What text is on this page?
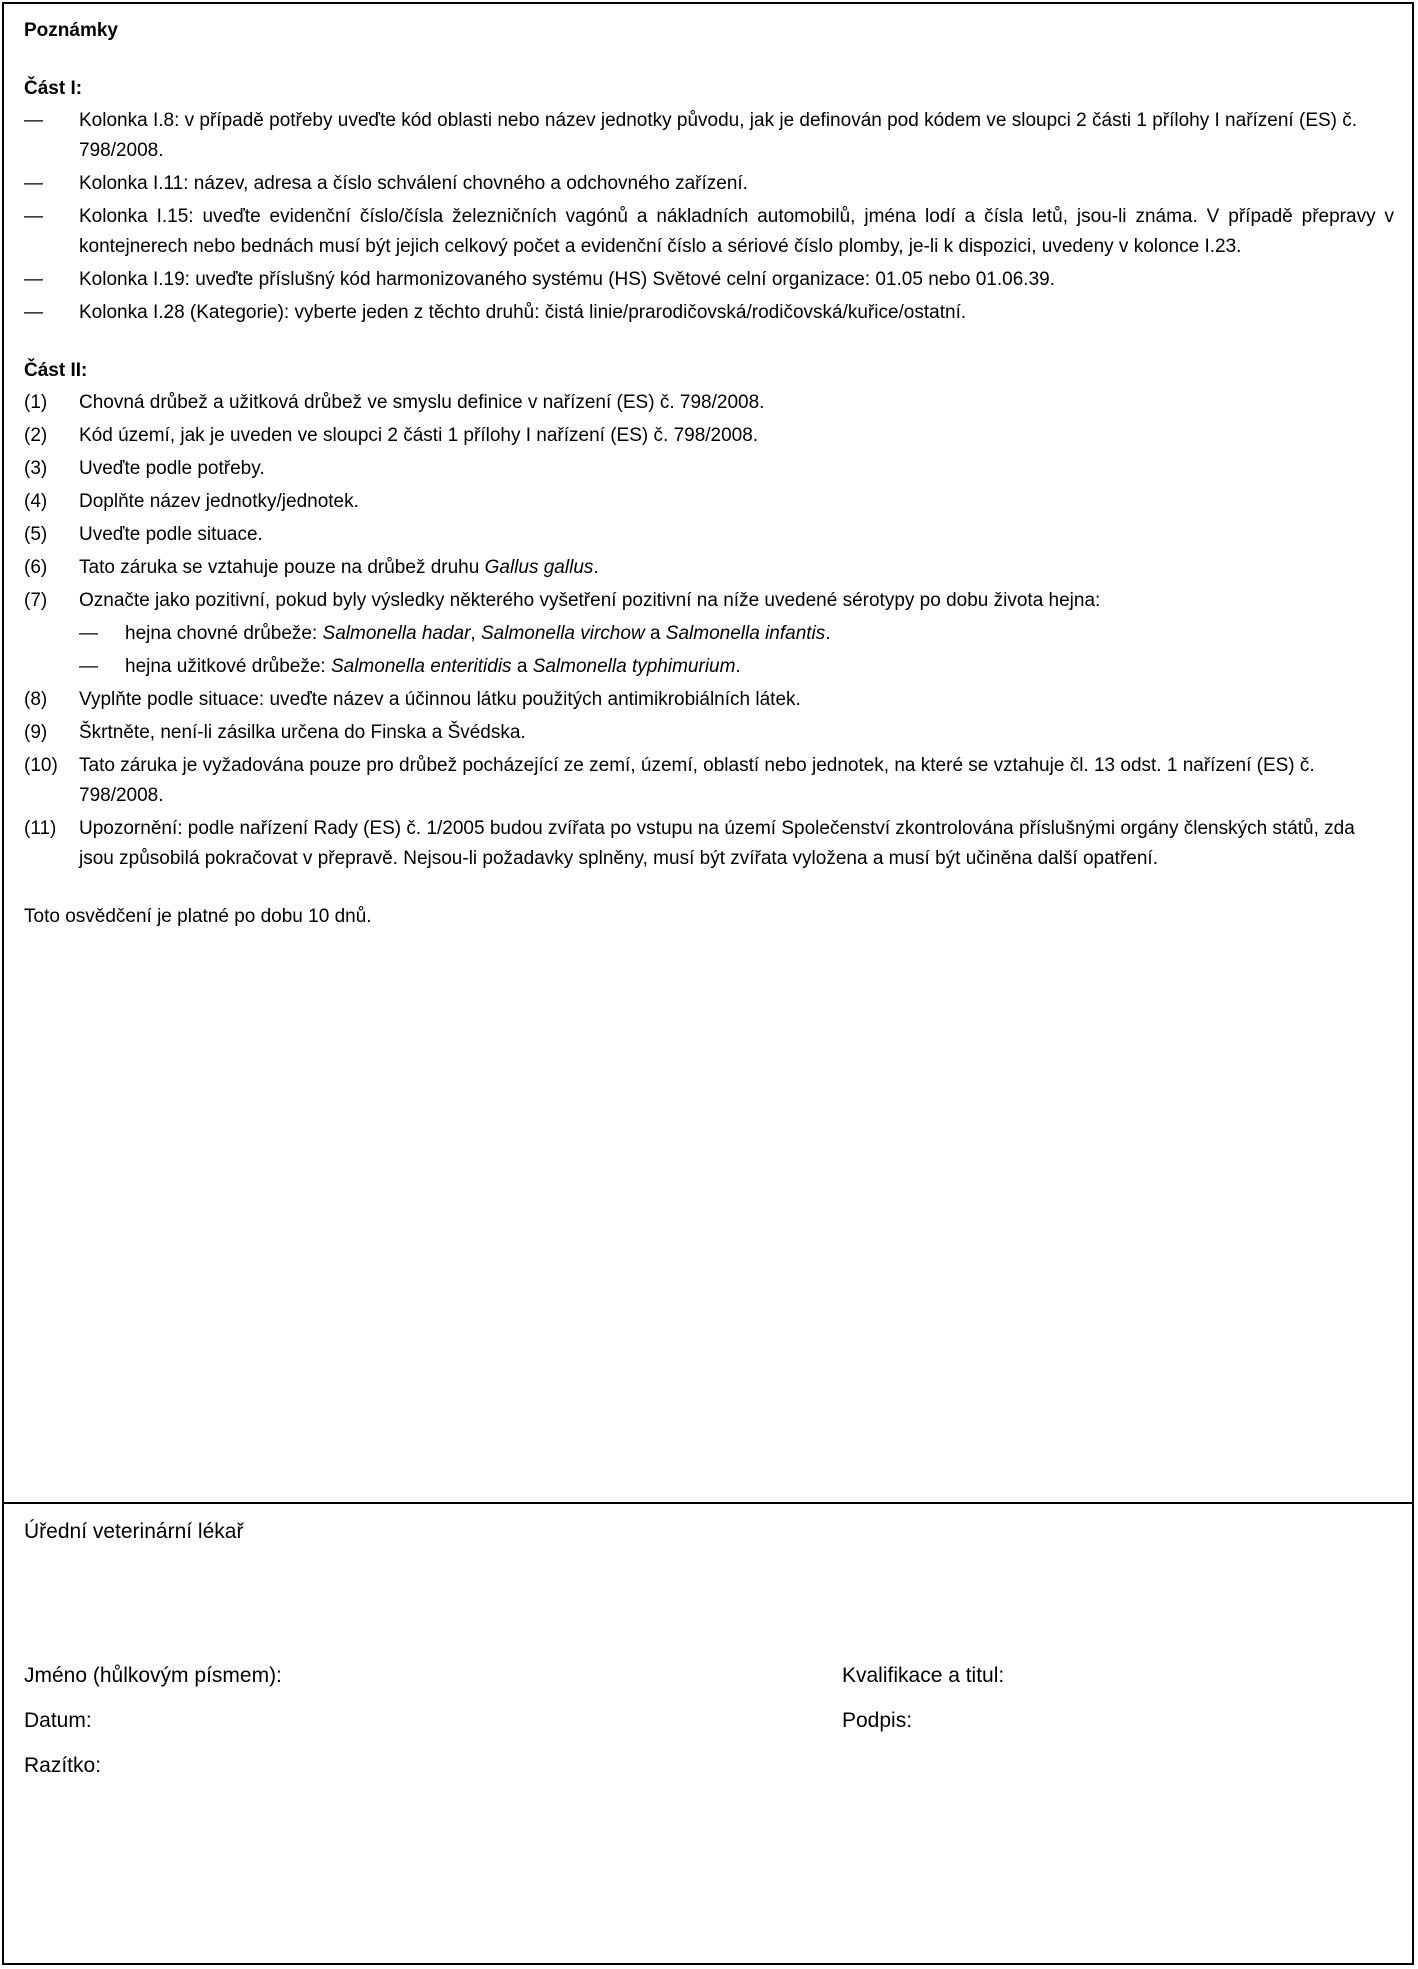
Poznámky
Část I:
—	Kolonka I.8: v případě potřeby uveďte kód oblasti nebo název jednotky původu, jak je definován pod kódem ve sloupci 2 části 1 přílohy I nařízení (ES) č. 798/2008.
—	Kolonka I.11: název, adresa a číslo schválení chovného a odchovného zařízení.
—	Kolonka I.15: uveďte evidenční číslo/čísla železničních vagónů a nákladních automobilů, jména lodí a čísla letů, jsou-li známa. V případě přepravy v kontejnerech nebo bednách musí být jejich celkový počet a evidenční číslo a sériové číslo plomby, je-li k dispozici, uvedeny v kolonce I.23.
—	Kolonka I.19: uveďte příslušný kód harmonizovaného systému (HS) Světové celní organizace: 01.05 nebo 01.06.39.
—	Kolonka I.28 (Kategorie): vyberte jeden z těchto druhů: čistá linie/prarodičovská/rodičovská/kuřice/ostatní.
Část II:
(1)	Chovná drůbež a užitková drůbež ve smyslu definice v nařízení (ES) č. 798/2008.
(2)	Kód území, jak je uveden ve sloupci 2 části 1 přílohy I nařízení (ES) č. 798/2008.
(3)	Uveďte podle potřeby.
(4)	Doplňte název jednotky/jednotek.
(5)	Uveďte podle situace.
(6)	Tato záruka se vztahuje pouze na drůbež druhu Gallus gallus.
(7)	Označte jako pozitivní, pokud byly výsledky některého vyšetření pozitivní na níže uvedené sérotypy po dobu života hejna:
—	hejna chovné drůbeže: Salmonella hadar, Salmonella virchow a Salmonella infantis.
—	hejna užitkové drůbeže: Salmonella enteritidis a Salmonella typhimurium.
(8)	Vyplňte podle situace: uveďte název a účinnou látku použitých antimikrobiálních látek.
(9)	Škrtněte, není-li zásilka určena do Finska a Švédska.
(10)	Tato záruka je vyžadována pouze pro drůbež pocházející ze zemí, území, oblastí nebo jednotek, na které se vztahuje čl. 13 odst. 1 nařízení (ES) č. 798/2008.
(11)	Upozornění: podle nařízení Rady (ES) č. 1/2005 budou zvířata po vstupu na území Společenství zkontrolována příslušnými orgány členských států, zda jsou způsobilá pokračovat v přepravě. Nejsou-li požadavky splněny, musí být zvířata vyložena a musí být učiněna další opatření.
Toto osvědčení je platné po dobu 10 dnů.
Úřední veterinární lékař
Jméno (hůlkovým písmem):	Kvalifikace a titul:
Datum:	Podpis:
Razítko:
